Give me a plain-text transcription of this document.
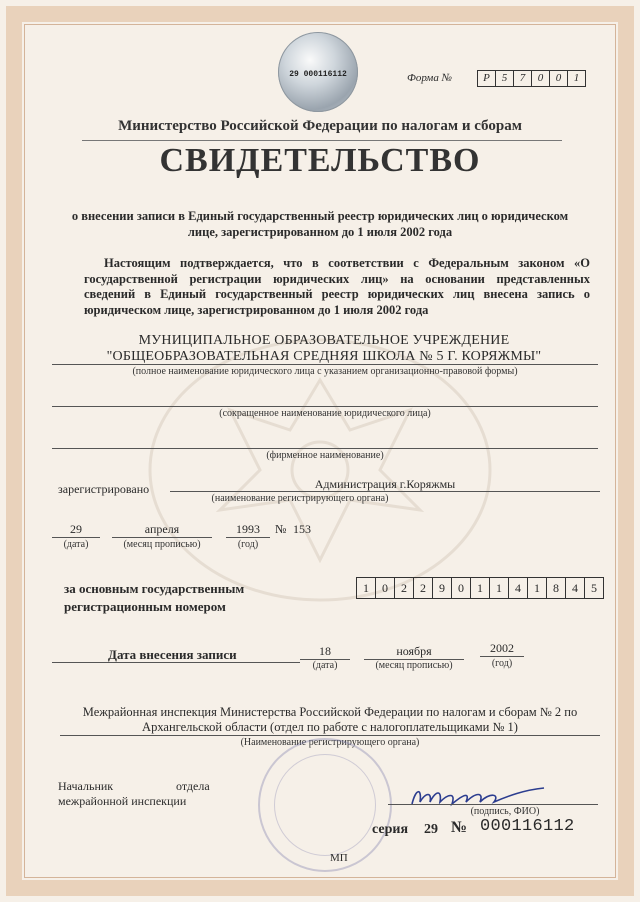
29 000116112	Форма №	Р	5	7	0	0	1
Министерство Российской Федерации по налогам и сборам
СВИДЕТЕЛЬСТВО
о внесении записи в Единый государственный реестр юридических лиц о юридическом лице, зарегистрированном до 1 июля 2002 года
Настоящим подтверждается, что в соответствии с Федеральным законом «О государственной регистрации юридических лиц» на основании представленных сведений в Единый государственный реестр юридических лиц внесена запись о юридическом лице, зарегистрированном до 1 июля 2002 года
МУНИЦИПАЛЬНОЕ ОБРАЗОВАТЕЛЬНОЕ УЧРЕЖДЕНИЕ "ОБЩЕОБРАЗОВАТЕЛЬНАЯ СРЕДНЯЯ ШКОЛА № 5 Г. КОРЯЖМЫ"
(полное наименование юридического лица с указанием организационно-правовой формы)
(сокращенное наименование юридического лица)
(фирменное наименование)
зарегистрировано	Администрация г.Коряжмы
(наименование регистрирующего органа)
29
(дата)
апреля
(месяц прописью)
1993
(год)
№ 153
за основным государственным
регистрационным номером
1	0	2	2	9	0	1	1	4	1	8	4	5
Дата внесения записи	18
(дата)
ноября
(месяц прописью)
2002
(год)
Межрайонная инспекция Министерства Российской Федерации по налогам и сборам № 2 по Архангельской области (отдел по работе с налогоплательщиками № 1)
(Наименование регистрирующего органа)
Начальник	отдела
межрайонной инспекции
(подпись, ФИО)
серия 29 № 000116112
МП
